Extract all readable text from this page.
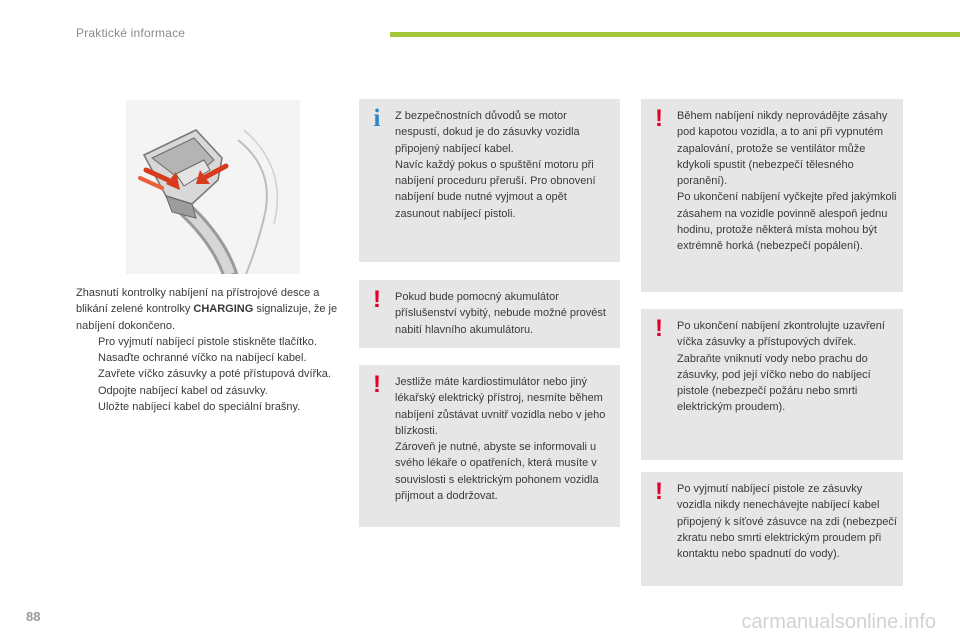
Praktické informace

Zhasnutí kontrolky nabíjení na přístrojové desce a blikání zelené kontrolky CHARGING signalizuje, že je nabíjení dokončeno.

Pro vyjmutí nabíjecí pistole stiskněte tlačítko.
Nasaďte ochranné víčko na nabíjecí kabel.
Zavřete víčko zásuvky a poté přístupová dvířka.
Odpojte nabíjecí kabel od zásuvky.
Uložte nabíjecí kabel do speciální brašny.
i Z bezpečnostních důvodů se motor nespustí, dokud je do zásuvky vozidla připojený nabíjecí kabel.

Navíc každý pokus o spuštění motoru při nabíjení proceduru přeruší. Pro obnovení nabíjení bude nutné vyjmout a opět zasunout nabíjecí pistoli.

! Pokud bude pomocný akumulátor příslušenství vybitý, nebude možné provést nabití hlavního akumulátoru.

! Jestliže máte kardiostimulátor nebo jiný lékařský elektrický přístroj, nesmíte během nabíjení zůstávat uvnitř vozidla nebo v jeho blízkosti.

Zároveň je nutné, abyste se informovali u svého lékaře o opatřeních, která musíte v souvislosti s elektrickým pohonem vozidla přijmout a dodržovat.

! Během nabíjení nikdy neprovádějte zásahy pod kapotou vozidla, a to ani při vypnutém zapalování, protože se ventilátor může kdykoli spustit (nebezpečí tělesného poranění).

Po ukončení nabíjení vyčkejte před jakýmkoli zásahem na vozidle povinně alespoň jednu hodinu, protože některá místa mohou být extrémně horká (nebezpečí popálení).

! Po ukončení nabíjení zkontrolujte uzavření víčka zásuvky a přístupových dvířek.

Zabraňte vniknutí vody nebo prachu do zásuvky, pod její víčko nebo do nabíjecí pistole (nebezpečí požáru nebo smrti elektrickým proudem).

! Po vyjmutí nabíjecí pistole ze zásuvky vozidla nikdy nenechávejte nabíjecí kabel připojený k síťové zásuvce na zdi (nebezpečí zkratu nebo smrti elektrickým proudem při kontaktu nebo spadnutí do vody).

88	carmanualsonline.info
